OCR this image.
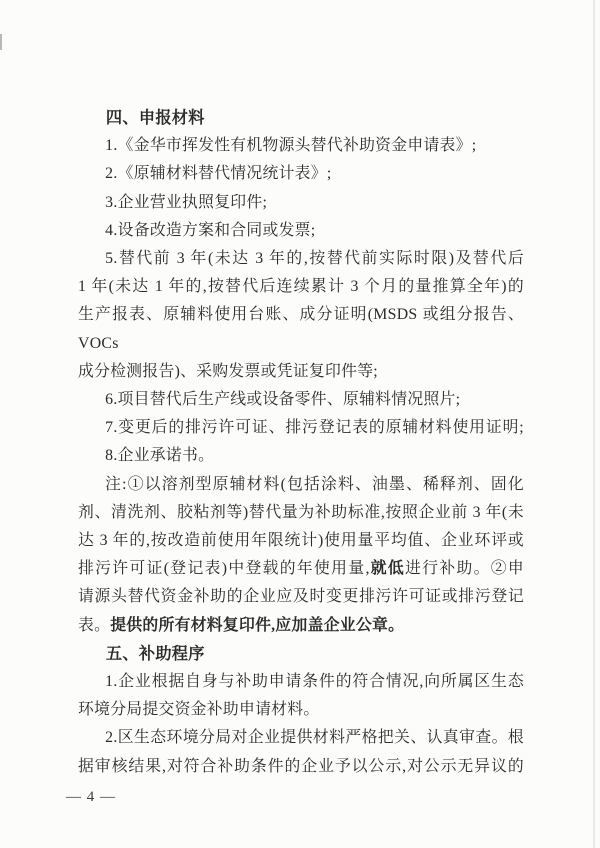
四、申报材料
1.《金华市挥发性有机物源头替代补助资金申请表》;
2.《原辅材料替代情况统计表》;
3.企业营业执照复印件;
4.设备改造方案和合同或发票;
5.替代前 3 年(未达 3 年的,按替代前实际时限)及替代后
1 年(未达 1 年的,按替代后连续累计 3 个月的量推算全年)的
生产报表、原辅料使用台账、成分证明(MSDS 或组分报告、VOCs
成分检测报告)、采购发票或凭证复印件等;
6.项目替代后生产线或设备零件、原辅料情况照片;
7.变更后的排污许可证、排污登记表的原辅材料使用证明;
8.企业承诺书。
注:①以溶剂型原辅材料(包括涂料、油墨、稀释剂、固化
剂、清洗剂、胶粘剂等)替代量为补助标准,按照企业前 3 年(未
达 3 年的,按改造前使用年限统计)使用量平均值、企业环评或
排污许可证(登记表)中登载的年使用量,就低进行补助。②申
请源头替代资金补助的企业应及时变更排污许可证或排污登记
表。提供的所有材料复印件,应加盖企业公章。
五、补助程序
1.企业根据自身与补助申请条件的符合情况,向所属区生态
环境分局提交资金补助申请材料。
2.区生态环境分局对企业提供材料严格把关、认真审查。根
据审核结果,对符合补助条件的企业予以公示,对公示无异议的
— 4 —
